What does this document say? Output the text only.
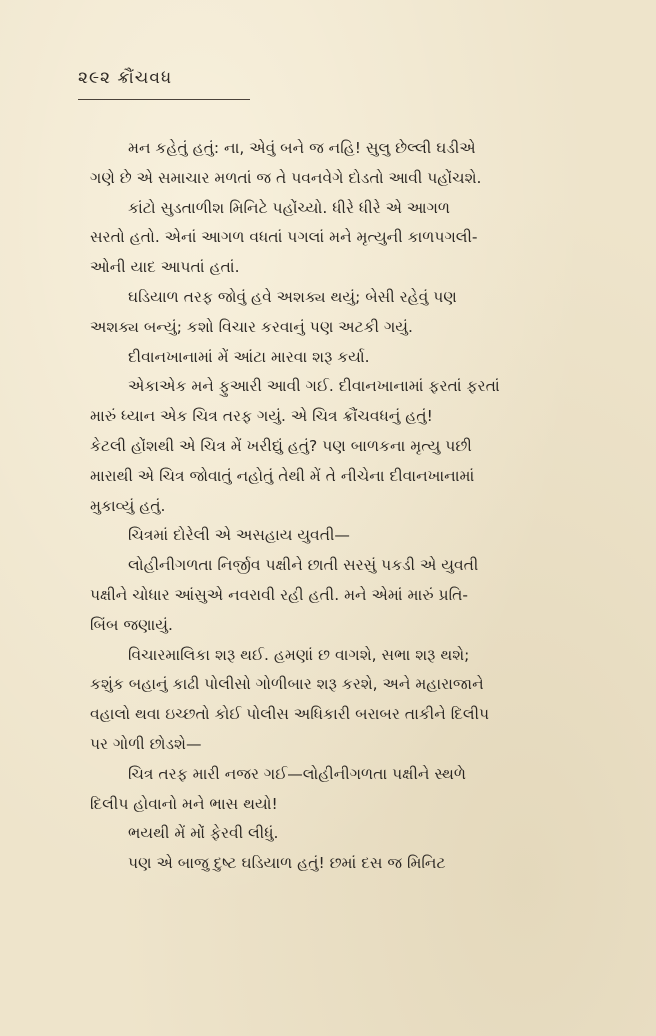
૨૯૨ ક્રૌંચવધ

મન કહેતું હતું: ના, એવું બને જ નહિ! સુલુ છેલ્લી ઘડીએ
ગણે છે એ સમાચાર મળતાં જ તે પવનવેગે દોડતો આવી પહોંચશે.

કાંટો સુડતાળીશ મિનિટે પહોંચ્યો. ધીરે ધીરે એ આગળ
સરતો હતો. એનાં આગળ વધતાં પગલાં મને મૃત્યુની કાળપગલી-
ઓની યાદ આપતાં હતાં.

ઘડિયાળ તરફ જોવું હવે અશક્ય થયું; બેસી રહેવું પણ
અશક્ય બન્યું; કશો વિચાર કરવાનું પણ અટકી ગયું.

દીવાનખાનામાં મેં આંટા મારવા શરૂ કર્યા.

એકાએક મને ફુઆરી આવી ગઈ. દીવાનખાનામાં ફરતાં ફરતાં
મારું ધ્યાન એક ચિત્ર તરફ ગયું. એ ચિત્ર ક્રૌંચવધનું હતું!
કેટલી હોંશથી એ ચિત્ર મેં ખરીદ્યું હતું? પણ બાળકના મૃત્યુ પછી
મારાથી એ ચિત્ર જોવાતું નહોતું તેથી મેં તે નીચેના દીવાનખાનામાં
મુકાવ્યું હતું.

ચિત્રમાં દોરેલી એ અસહાય યુવતી—

લોહીનીગળતા નિર્જીવ પક્ષીને છાતી સરસું પકડી એ યુવતી
પક્ષીને ચોધાર આંસુએ નવરાવી રહી હતી. મને એમાં મારું પ્રતિ-
બિંબ જણાયું.

વિચારમાલિકા શરૂ થઈ. હમણાં છ વાગશે, સભા શરૂ થશે;
કશુંક બહાનું કાઢી પોલીસો ગોળીબાર શરૂ કરશે, અને મહારાજાને
વહાલો થવા ઇચ્છતો કોઈ પોલીસ અધિકારી બરાબર તાકીને દિલીપ
પર ગોળી છોડશે—

ચિત્ર તરફ મારી નજર ગઈ—લોહીનીગળતા પક્ષીને સ્થળે
દિલીપ હોવાનો મને ભાસ થયો!

ભયથી મેં મોં ફેરવી લીધું.

પણ એ બાજુ દુષ્ટ ઘડિયાળ હતું! છમાં દસ જ મિનિટ
